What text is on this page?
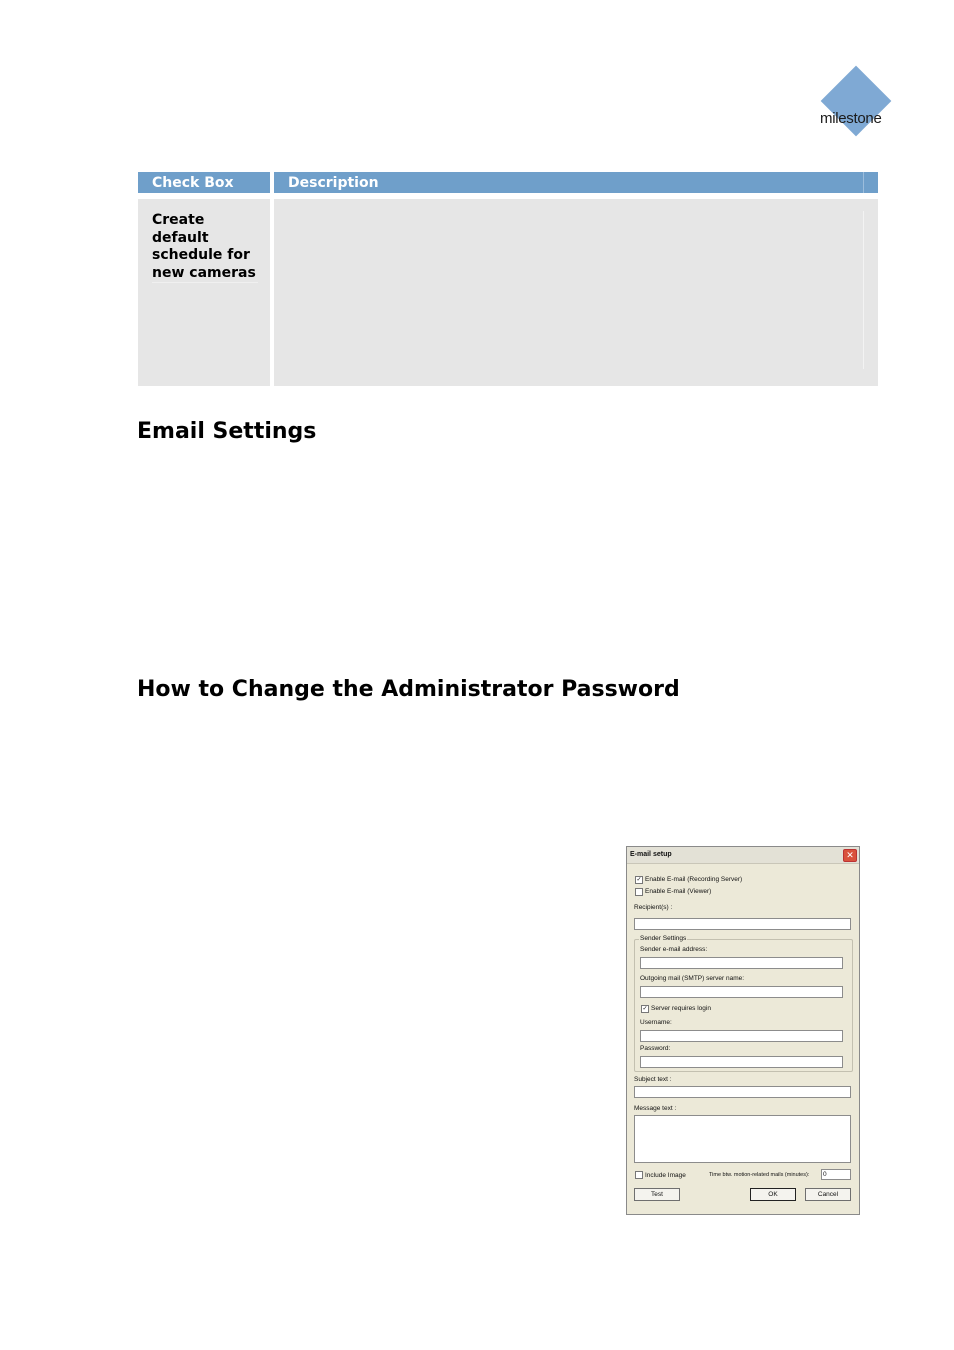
milestone
Check Box	Description
Create default schedule for new cameras
Email Settings
How to Change the Administrator Password
E-mail setup	✕
✓ Enable E-mail (Recording Server)
Enable E-mail (Viewer)
Recipient(s) :
Sender Settings
Sender e-mail address:
Outgoing mail (SMTP) server name:
✓ Server requires login
Username:
Password:
Subject text :
Message text :
Include Image	Time btw. motion-related mails (minutes):	0
Test	OK	Cancel
